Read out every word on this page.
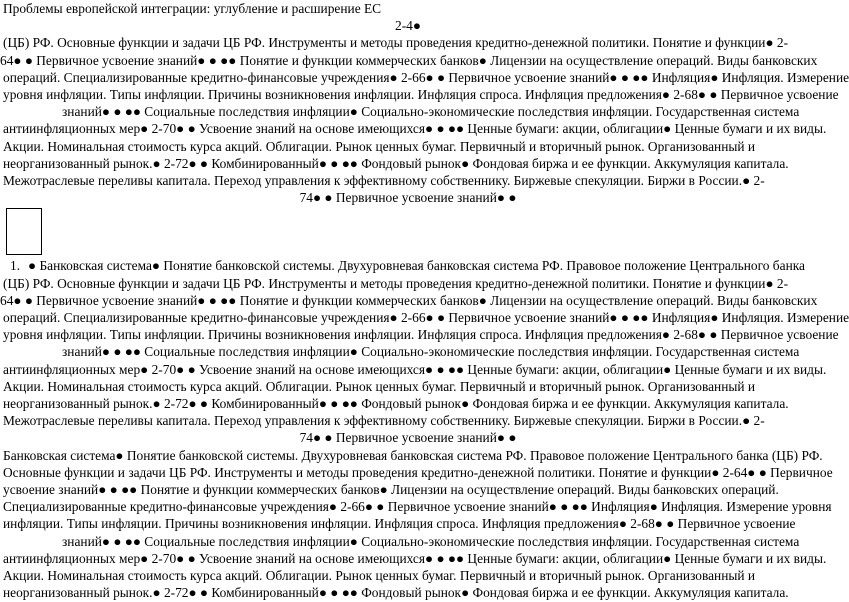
Проблемы европейской интеграции: углубление и расширение ЕС
2-4●
(ЦБ) РФ. Основные функции и задачи ЦБ РФ. Инструменты и методы проведения кредитно-денежной политики. Понятие и функции● 2-
64● ● Первичное усвоение знаний● ● ●● Понятие и функции коммерческих банков● Лицензии на осуществление операций. Виды банковских
операций. Специализированные кредитно-финансовые учреждения● 2-66● ● Первичное усвоение знаний● ● ●● Инфляция● Инфляция. Измерение
уровня инфляции. Типы инфляции. Причины возникновения инфляции. Инфляция спроса. Инфляция предложения● 2-68● ● Первичное усвоение
знаний● ● ●● Социальные последствия инфляции● Социально-экономические последствия инфляции. Государственная система
антиинфляционных мер● 2-70● ● Усвоение знаний на основе имеющихся● ● ●● Ценные бумаги: акции, облигации● Ценные бумаги и их виды.
Акции. Номинальная стоимость курса акций. Облигации. Рынок ценных бумаг. Первичный и вторичный рынок. Организованный и
неорганизованный рынок.● 2-72● ● Комбинированный● ● ●● Фондовый рынок● Фондовая биржа и ее функции. Аккумуляция капитала.
Межотраслевые переливы капитала. Переход управления к эффективному собственнику. Биржевые спекуляции. Биржи в России.● 2-
74● ● Первичное усвоение знаний● ●
1. ● Банковская система● Понятие банковской системы. Двухуровневая банковская система РФ. Правовое положение Центрального банка
(ЦБ) РФ. Основные функции и задачи ЦБ РФ. Инструменты и методы проведения кредитно-денежной политики. Понятие и функции● 2-
64● ● Первичное усвоение знаний● ● ●● Понятие и функции коммерческих банков● Лицензии на осуществление операций. Виды банковских
операций. Специализированные кредитно-финансовые учреждения● 2-66● ● Первичное усвоение знаний● ● ●● Инфляция● Инфляция. Измерение
уровня инфляции. Типы инфляции. Причины возникновения инфляции. Инфляция спроса. Инфляция предложения● 2-68● ● Первичное усвоение
знаний● ● ●● Социальные последствия инфляции● Социально-экономические последствия инфляции. Государственная система
антиинфляционных мер● 2-70● ● Усвоение знаний на основе имеющихся● ● ●● Ценные бумаги: акции, облигации● Ценные бумаги и их виды.
Акции. Номинальная стоимость курса акций. Облигации. Рынок ценных бумаг. Первичный и вторичный рынок. Организованный и
неорганизованный рынок.● 2-72● ● Комбинированный● ● ●● Фондовый рынок● Фондовая биржа и ее функции. Аккумуляция капитала.
Межотраслевые переливы капитала. Переход управления к эффективному собственнику. Биржевые спекуляции. Биржи в России.● 2-
74● ● Первичное усвоение знаний● ●
Банковская система● Понятие банковской системы. Двухуровневая банковская система РФ. Правовое положение Центрального банка (ЦБ) РФ.
Основные функции и задачи ЦБ РФ. Инструменты и методы проведения кредитно-денежной политики. Понятие и функции● 2-64● ● Первичное
усвоение знаний● ● ●● Понятие и функции коммерческих банков● Лицензии на осуществление операций. Виды банковских операций.
Специализированные кредитно-финансовые учреждения● 2-66● ● Первичное усвоение знаний● ● ●● Инфляция● Инфляция. Измерение уровня
инфляции. Типы инфляции. Причины возникновения инфляции. Инфляция спроса. Инфляция предложения● 2-68● ● Первичное усвоение
знаний● ● ●● Социальные последствия инфляции● Социально-экономические последствия инфляции. Государственная система
антиинфляционных мер● 2-70● ● Усвоение знаний на основе имеющихся● ● ●● Ценные бумаги: акции, облигации● Ценные бумаги и их виды.
Акции. Номинальная стоимость курса акций. Облигации. Рынок ценных бумаг. Первичный и вторичный рынок. Организованный и
неорганизованный рынок.● 2-72● ● Комбинированный● ● ●● Фондовый рынок● Фондовая биржа и ее функции. Аккумуляция капитала.
